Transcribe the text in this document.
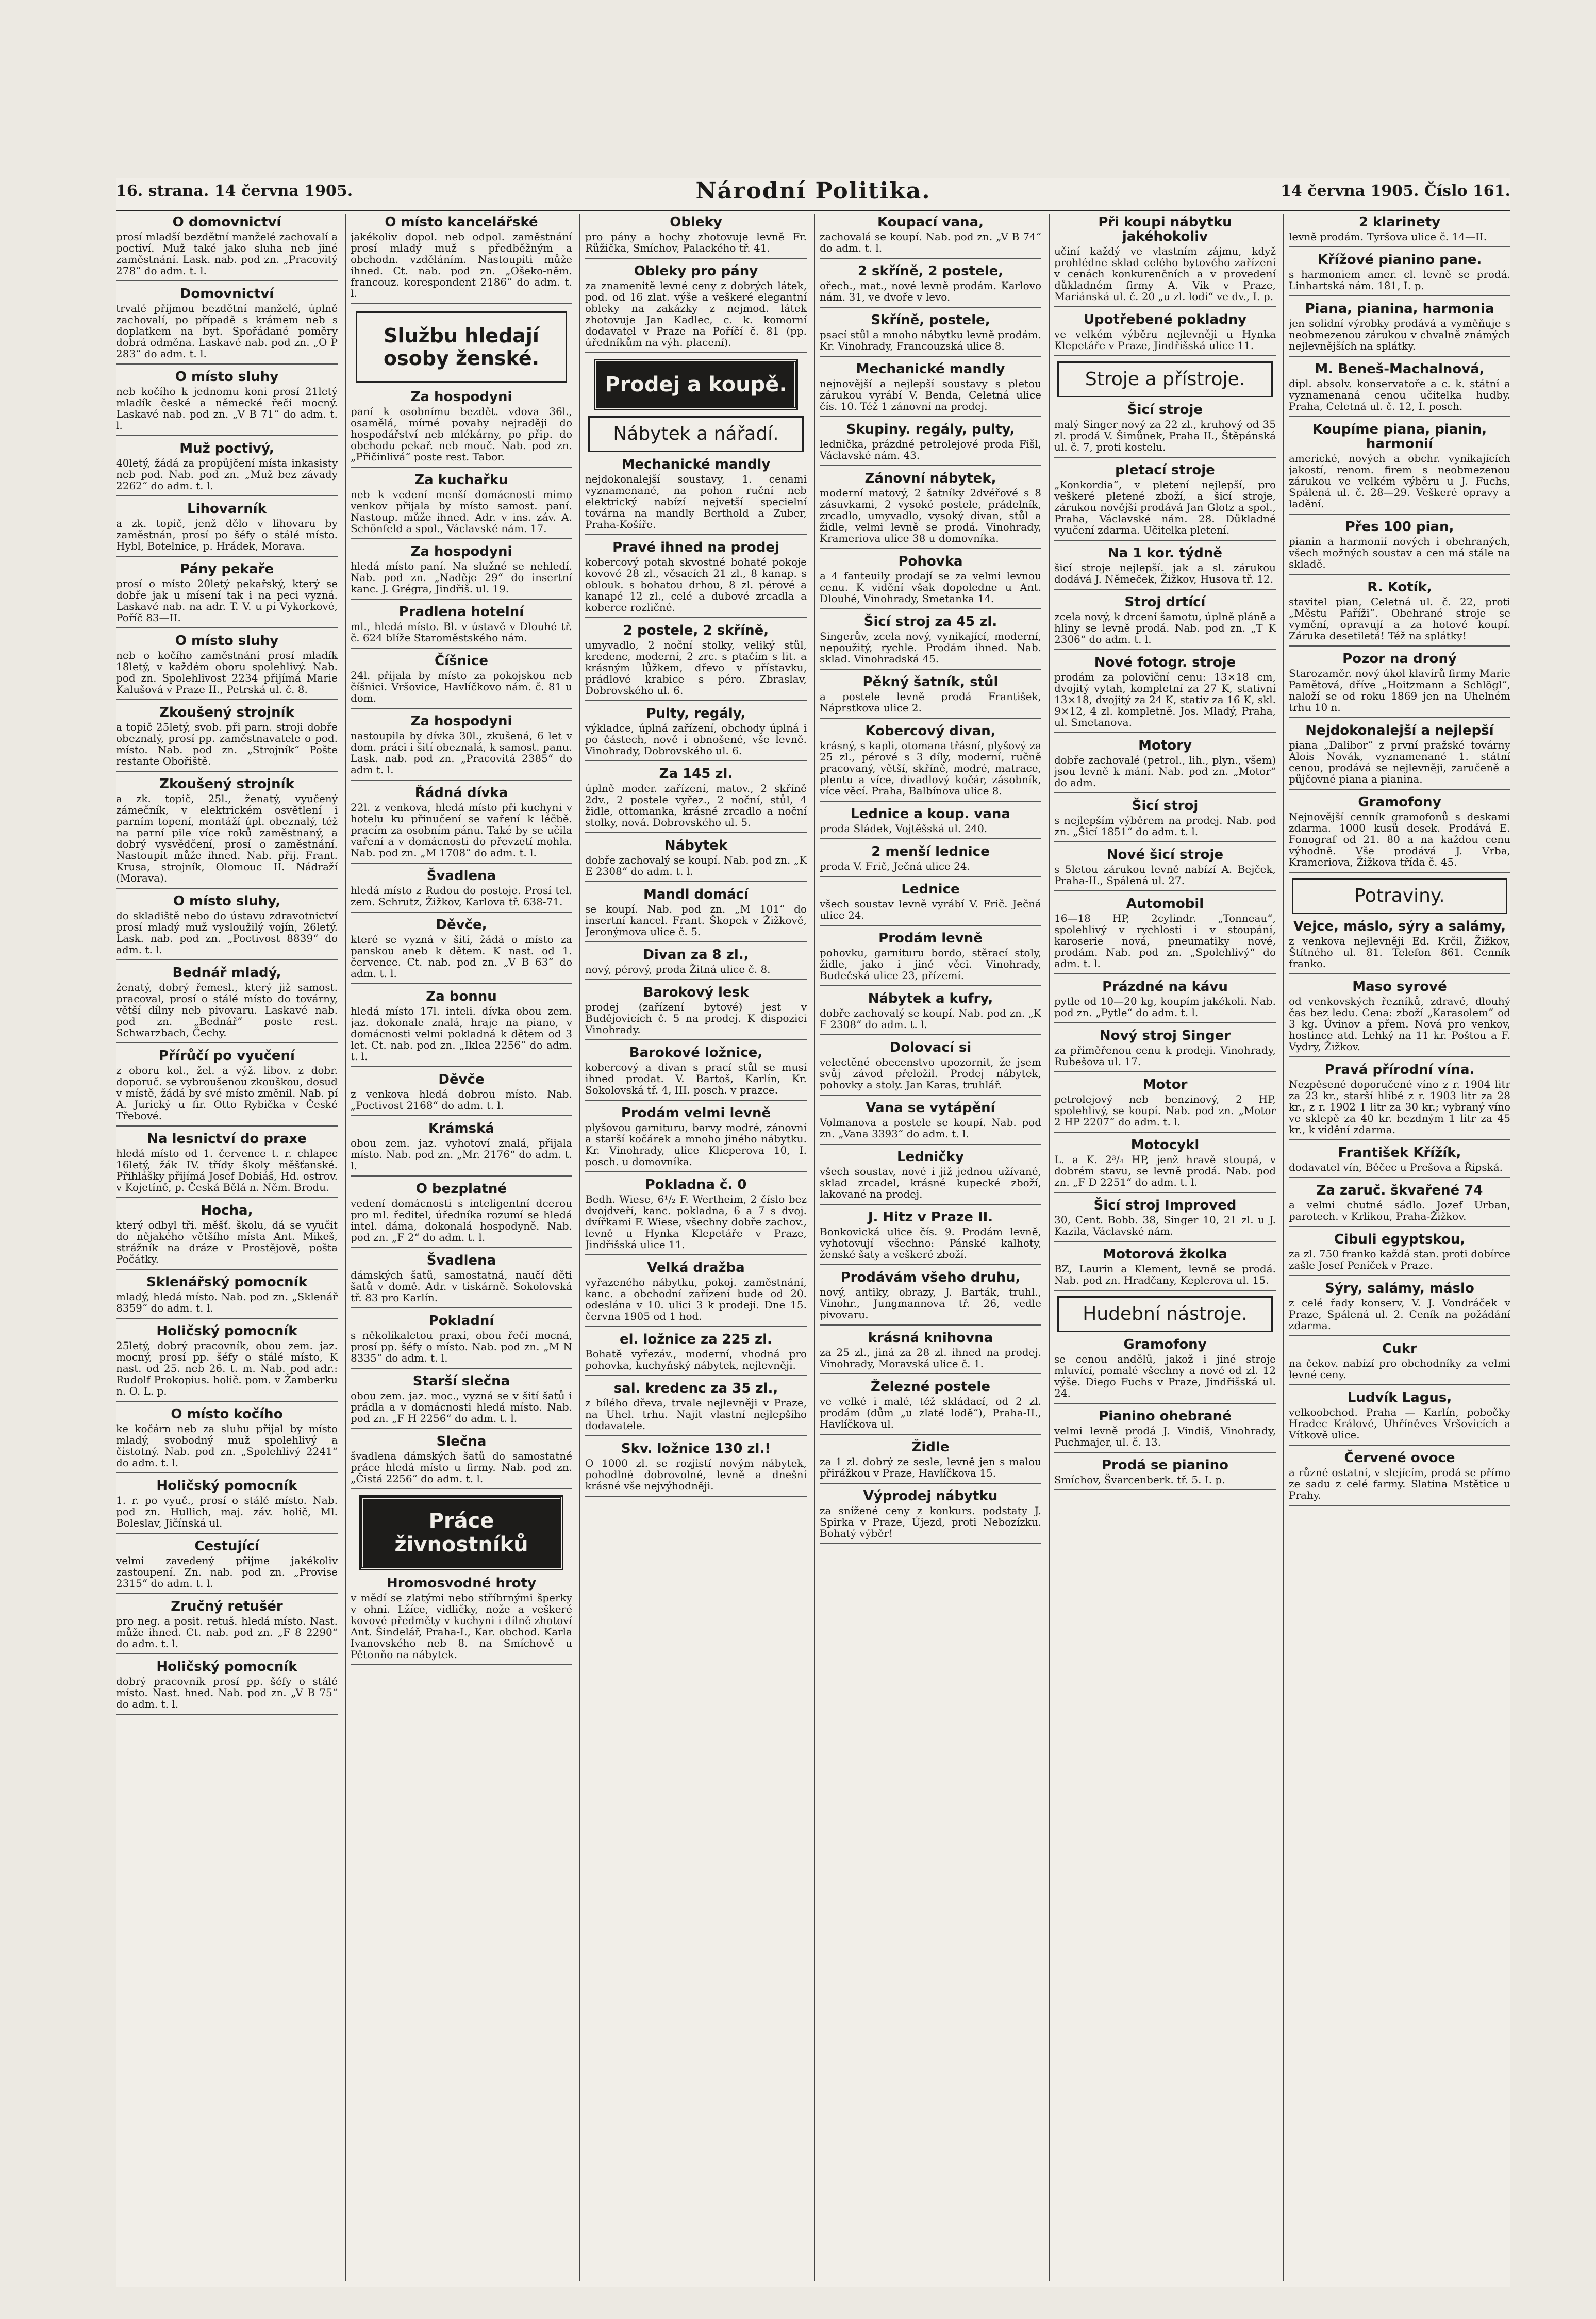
16. strana. 14 června 1905.	Národní Politika.	14 června 1905. Číslo 161.
O domovnictví

prosí mladší bezdětní manželé zachovalí a poctiví. Muž také jako sluha neb jiné zaměstnání. Lask. nab. pod zn. „Pracovitý 278“ do adm. t. l.

Domovnictví

trvalé příjmou bezdětní manželé, úplně zachovalí, po případě s krámem neb s doplatkem na byt. Spořádané poměry dobrá odměna. Laskavé nab. pod zn. „O P 283“ do adm. t. l.

O místo sluhy

neb kočího k jednomu koni prosí 21letý mladík české a německé řeči mocný. Laskavé nab. pod zn. „V B 71“ do adm. t. l.

Muž poctivý,

40letý, žádá za propůjčení místa inkasisty neb pod. Nab. pod zn. „Muž bez závady 2262“ do adm. t. l.

Lihovarník

a zk. topič, jenž dělo v lihovaru by zaměstnán, prosí po šéfy o stálé místo. Hybl, Botelnice, p. Hrádek, Morava.

Pány pekaře

prosí o místo 20letý pekařský, který se dobře jak u mísení tak i na peci vyzná. Laskavé nab. na adr. T. V. u pí Vykorkové, Poříč 83—II.

O místo sluhy

neb o kočího zaměstnání prosí mladík 18letý, v každém oboru spolehlivý. Nab. pod zn. Spolehlivost 2234 přijímá Marie Kalušová v Praze II., Petrská ul. č. 8.

Zkoušený strojník

a topič 25letý, svob. při parn. stroji dobře obeznalý, prosí pp. zaměstnavatele o pod. místo. Nab. pod zn. „Strojník“ Pošte restante Obořiště.

Zkoušený strojník

a zk. topič, 25l., ženatý, vyučený zámečník, v elektrickém osvětlení i parním topení, montáží úpl. obeznalý, též na parní pile více roků zaměstnaný, a dobrý vysvědčení, prosí o zaměstnání. Nastoupit může ihned. Nab. přij. Frant. Krusa, strojník, Olomouc II. Nádraží (Morava).

O místo sluhy,

do skladiště nebo do ústavu zdravotnictví prosí mladý muž vysloužilý vojín, 26letý. Lask. nab. pod zn. „Poctivost 8839“ do adm. t. l.

Bednář mladý,

ženatý, dobrý řemesl., který již samost. pracoval, prosí o stálé místo do továrny, větší dílny neb pivovaru. Laskavé nab. pod zn. „Bednář“ poste rest. Schwarzbach, Čechy.

Přírůčí po vyučení

z oboru kol., žel. a výž. libov. z dobr. doporuč. se vybroušenou zkouškou, dosud v místě, žádá by své místo změnil. Nab. pí A. Jurický u fir. Otto Rybička v České Třebové.

Na lesnictví do praxe

hledá místo od 1. července t. r. chlapec 16letý, žák IV. třídy školy měšťanské. Přihlášky přijímá Josef Dobiáš, Hd. ostrov. v Kojetíně, p. Česká Bělá n. Něm. Brodu.

Hocha,

který odbyl tři. měšť. školu, dá se vyučit do nějakého většího místa Ant. Mikeš, strážník na dráze v Prostějově, pošta Počátky.

Sklenářský pomocník

mladý, hledá místo. Nab. pod zn. „Sklenář 8359“ do adm. t. l.

Holičský pomocník

25letý, dobrý pracovník, obou zem. jaz. mocný, prosí pp. šéfy o stálé místo, K nast. od 25. neb 26. t. m. Nab. pod adr.: Rudolf Prokopius. holič. pom. v Žamberku n. O. L. p.

O místo kočího

ke kočárn neb za sluhu přijal by místo mladý, svobodný muž spolehlivý a čistotný. Nab. pod zn. „Spolehlivý 2241“ do adm. t. l.

Holičský pomocník

1. r. po vyuč., prosí o stálé místo. Nab. pod zn. Hullich, maj. záv. holič, Ml. Boleslav, Jičínská ul.

Cestující

velmi zavedený přijme jakékoliv zastoupení. Zn. nab. pod zn. „Provise 2315“ do adm. t. l.

Zručný retušér

pro neg. a posit. retuš. hledá místo. Nast. může ihned. Ct. nab. pod zn. „F 8 2290“ do adm. t. l.

Holičský pomocník

dobrý pracovník prosí pp. šéfy o stálé místo. Nast. hned. Nab. pod zn. „V B 75“ do adm. t. l.

O místo kancelářské

jakékoliv dopol. neb odpol. zaměstnání prosí mladý muž s předběžným a obchodn. vzděláním. Nastoupiti může ihned. Ct. nab. pod zn. „Ošeko-něm. francouz. korespondent 2186“ do adm. t. l.

Službu hledají osoby ženské.
Za hospodyni

paní k osobnímu bezdět. vdova 36l., osamělá, mírné povahy nejraději do hospodářství neb mlékárny, po přip. do obchodu pekař. neb mouč. Nab. pod zn. „Přičinlivá“ poste rest. Tabor.

Za kuchařku

neb k vedení menší domácnosti mimo venkov přijala by místo samost. paní. Nastoup. může ihned. Adr. v ins. záv. A. Schönfeld a spol., Václavské nám. 17.

Za hospodyni

hledá místo paní. Na služné se nehledí. Nab. pod zn. „Naděje 29“ do insertní kanc. J. Grégra, Jindřiš. ul. 19.

Pradlena hotelní

ml., hledá místo. Bl. v ústavě v Dlouhé tř. č. 624 blíže Staroměstského nám.

Číšnice

24l. přijala by místo za pokojskou neb číšnici. Vršovice, Havlíčkovo nám. č. 81 u dom.

Za hospodyni

nastoupila by dívka 30l., zkušená, 6 let v dom. práci i šití obeznalá, k samost. panu. Lask. nab. pod zn. „Pracovitá 2385“ do adm t. l.

Řádná dívka

22l. z venkova, hledá místo při kuchyni v hotelu ku přinučení se vaření k léčbě. pracím za osobním pánu. Také by se učila vaření a v domácnosti do převzetí mohla. Nab. pod zn. „M 1708“ do adm. t. l.

Švadlena

hledá místo z Rudou do postoje. Prosí tel. zem. Schrutz, Žižkov, Karlova tř. 638-71.

Děvče,

které se vyzná v šití, žádá o místo za panskou aneb k dětem. K nast. od 1. července. Ct. nab. pod zn. „V B 63“ do adm. t. l.

Za bonnu

hledá místo 17l. inteli. dívka obou zem. jaz. dokonale znalá, hraje na piano, v domácnosti velmi pokladná k dětem od 3 let. Ct. nab. pod zn. „Iklea 2256“ do adm. t. l.

Děvče

z venkova hledá dobrou místo. Nab. „Poctivost 2168“ do adm. t. l.

Krámská

obou zem. jaz. vyhotoví znalá, přijala místo. Nab. pod zn. „Mr. 2176“ do adm. t. l.

O bezplatné

vedení domácnosti s inteligentní dcerou pro ml. ředitel, úředníka rozumí se hledá intel. dáma, dokonalá hospodyně. Nab. pod zn. „F 2“ do adm. t. l.

Švadlena

dámských šatů, samostatná, naučí děti šatů v domě. Adr. v tiskárně. Sokolovská tř. 83 pro Karlín.

Pokladní

s několikaletou praxí, obou řečí mocná, prosí pp. šéfy o místo. Nab. pod zn. „M N 8335“ do adm. t. l.

Starší slečna

obou zem. jaz. moc., vyzná se v šití šatů i prádla a v domácnosti hledá místo. Nab. pod zn. „F H 2256“ do adm. t. l.

Slečna

švadlena dámských šatů do samostatné práce hledá místo u firmy. Nab. pod zn. „Čistá 2256“ do adm. t. l.

Práce živnostníků
Hromosvodné hroty

v mědí se zlatými nebo stříbrnými šperky v ohni. Lžíce, vidličky, nože a veškeré kovové předměty v kuchyni i dílně zhotoví Ant. Šindelář, Praha-I., Kar. obchod. Karla Ivanovského neb 8. na Smíchově u Pětonňo na nábytek.

Obleky

pro pány a hochy zhotovuje levně Fr. Růžička, Smíchov, Palackého tř. 41.

Obleky pro pány

za znamenitě levné ceny z dobrých látek, pod. od 16 zlat. výše a veškeré elegantní obleky na zakázky z nejmod. látek zhotovuje Jan Kadlec, c. k. komorní dodavatel v Praze na Poříčí č. 81 (pp. úředníkům na výh. placení).

Prodej a koupě.
Nábytek a nářadí.
Mechanické mandly

nejdokonalejší soustavy, 1. cenami vyznamenané, na pohon ruční neb elektrický nabízí nejvetší specielní továrna na mandly Berthold a Zuber, Praha-Košíře.

Pravé ihned na prodej

kobercový potah skvostné bohaté pokoje kovové 28 zl., věsacích 21 zl., 8 kanap. s oblouk. s bohatou drhou, 8 zl. pérové a kanapé 12 zl., celé a dubové zrcadla a koberce rozličné.

2 postele, 2 skříně,

umyvadlo, 2 noční stolky, veliký stůl, kredenc, moderní, 2 zrc. s ptačím s lit. a krásným lůžkem, dřevo v přístavku, prádlové krabice s péro. Zbraslav, Dobrovského ul. 6.

Pulty, regály,

výkladce, úplná zařízení, obchody úplná i po částech, nově i obnošené, vše levně. Vinohrady, Dobrovského ul. 6.

Za 145 zl.

úplně moder. zařízení, matov., 2 skříně 2dv., 2 postele vyřez., 2 noční, stůl, 4 židle, ottomanka, krásné zrcadlo a noční stolky, nová. Dobrovského ul. 5.

Nábytek

dobře zachovalý se koupí. Nab. pod zn. „K E 2308“ do adm. t. l.

Mandl domácí

se koupí. Nab. pod zn. „M 101“ do insertní kancel. Frant. Škopek v Žižkově, Jeronýmova ulice č. 5.

Divan za 8 zl.,

nový, pérový, proda Žitná ulice č. 8.

Barokový lesk

prodej (zařízení bytové) jest v Budějovicích č. 5 na prodej. K dispozici Vinohrady.

Barokové ložnice,

kobercový a divan s prací stůl se musí ihned prodat. V. Bartoš, Karlín, Kr. Sokolovská tř. 4, III. posch. v prazce.

Prodám velmi levně

plyšovou garnituru, barvy modré, zánovní a starší kočárek a mnoho jiného nábytku. Kr. Vinohrady, ulice Klicperova 10, I. posch. u domovníka.

Pokladna č. 0

Bedh. Wiese, 6¹/₂ F. Wertheim, 2 číslo bez dvojdveří, kanc. pokladna, 6 a 7 s dvoj. dvířkami F. Wiese, všechny dobře zachov., levně u Hynka Klepetáře v Praze, Jindřišská ulice 11.

Velká dražba

vyřazeného nábytku, pokoj. zaměstnání, kanc. a obchodní zařízení bude od 20. odeslána v 10. ulici 3 k prodeji. Dne 15. června 1905 od 1 hod.

el. ložnice za 225 zl.

Bohatě vyřezáv., moderní, vhodná pro pohovka, kuchyňský nábytek, nejlevněji.

sal. kredenc za 35 zl.,

z bílého dřeva, trvale nejlevněji v Praze, na Uhel. trhu. Najít vlastní nejlepšího dodavatele.

Skv. ložnice 130 zl.!

O 1000 zl. se rozjistí novým nábytek, pohodlné dobrovolné, levně a dnešní krásné vše nejvýhodněji.

Koupací vana,

zachovalá se koupí. Nab. pod zn. „V B 74“ do adm. t. l.

2 skříně, 2 postele,

ořech., mat., nové levně prodám. Karlovo nám. 31, ve dvoře v levo.

Skříně, postele,

psací stůl a mnoho nábytku levně prodám. Kr. Vinohrady, Francouzská ulice 8.

Mechanické mandly

nejnovější a nejlepší soustavy s pletou zárukou vyrábí V. Benda, Celetná ulice čís. 10. Též 1 zánovní na prodej.

Skupiny. regály, pulty,

lednička, prázdné petrolejové proda Fišl, Václavské nám. 43.

Zánovní nábytek,

moderní matový, 2 šatníky 2dvéřové s 8 zásuvkami, 2 vysoké postele, prádelník, zrcadlo, umyvadlo, vysoký divan, stůl a židle, velmi levně se prodá. Vinohrady, Krameriova ulice 38 u domovníka.

Pohovka

a 4 fanteuily prodají se za velmi levnou cenu. K vidění však dopoledne u Ant. Dlouhé, Vinohrady, Smetanka 14.

Šicí stroj za 45 zl.

Singerův, zcela nový, vynikající, moderní, nepoužitý, rychle. Prodám ihned. Nab. sklad. Vinohradská 45.

Pěkný šatník, stůl

a postele levně prodá František, Náprstkova ulice 2.

Kobercový divan,

krásný, s kapli, otomana třásní, plyšový za 25 zl., pérové s 3 díly, moderní, ručně pracovaný, větší, skříně, modré, matrace, plentu a více, divadlový kočár, zásobník, více věcí. Praha, Balbínova ulice 8.

Lednice a koup. vana

proda Sládek, Vojtěšská ul. 240.

2 menší lednice

proda V. Frič, Ječná ulice 24.

Lednice

všech soustav levně vyrábí V. Frič. Ječná ulice 24.

Prodám levně

pohovku, garnituru bordo, stěrací stoly, židle, jako i jiné věci. Vinohrady, Budečská ulice 23, přízemí.

Nábytek a kufry,

dobře zachovalý se koupí. Nab. pod zn. „K F 2308“ do adm. t. l.

Dolovací si

velectěné obecenstvo upozornit, že jsem svůj závod přeložil. Prodej nábytek, pohovky a stoly. Jan Karas, truhlář.

Vana se vytápění

Volmanova a postele se koupí. Nab. pod zn. „Vana 3393“ do adm. t. l.

Ledničky

všech soustav, nové i již jednou užívané, sklad zrcadel, krásné kupecké zboží, lakované na prodej.

J. Hitz v Praze II.

Bonkovická ulice čís. 9. Prodám levně, vyhotovují všechno: Pánské kalhoty, ženské šaty a veškeré zboží.

Prodávám všeho druhu,

nový, antiky, obrazy, J. Barták, truhl., Vinohr., Jungmannova tř. 26, vedle pivovaru.

krásná knihovna

za 25 zl., jiná za 28 zl. ihned na prodej. Vinohrady, Moravská ulice č. 1.

Železné postele

ve velké i malé, též skládací, od 2 zl. prodám (dům „u zlaté lodě“), Praha-II., Havlíčkova ul.

Židle

za 1 zl. dobrý ze sesle, levně jen s malou přirážkou v Praze, Havlíčkova 15.

Výprodej nábytku

za snížené ceny z konkurs. podstaty J. Spirka v Praze, Újezd, proti Nebozízku. Bohatý výběr!

Při koupi nábytku jakéhokoliv

učiní každý ve vlastním zájmu, když prohlédne sklad celého bytového zařízení v cenách konkurenčních a v provedení důkladném firmy A. Vik v Praze, Mariánská ul. č. 20 „u zl. lodi“ ve dv., I. p.

Upotřebené pokladny

ve velkém výběru nejlevněji u Hynka Klepetáře v Praze, Jindřišská ulice 11.

Stroje a přístroje.
Šicí stroje

malý Singer nový za 22 zl., kruhový od 35 zl. prodá V. Šimůnek, Praha II., Štěpánská ul. č. 7, proti kostelu.

pletací stroje

„Konkordia“, v pletení nejlepší, pro veškeré pletené zboží, a šicí stroje, zárukou novější prodává Jan Glotz a spol., Praha, Václavské nám. 28. Důkladné vyučení zdarma. Učitelka pletení.

Na 1 kor. týdně

šicí stroje nejlepší. jak a sl. zárukou dodává J. Němeček, Žižkov, Husova tř. 12.

Stroj drtící

zcela nový, k drcení šamotu, úplně pláně a hliny se levně prodá. Nab. pod zn. „T K 2306“ do adm. t. l.

Nové fotogr. stroje

prodám za poloviční cenu: 13×18 cm, dvojitý vytah, kompletní za 27 K, stativní 13×18, dvojitý za 24 K, stativ za 16 K, skl. 9×12, 4 zl. kompletně. Jos. Mladý, Praha, ul. Smetanova.

Motory

dobře zachovalé (petrol., lih., plyn., všem) jsou levně k mání. Nab. pod zn. „Motor“ do adm.

Šicí stroj

s nejlepším výběrem na prodej. Nab. pod zn. „Šicí 1851“ do adm. t. l.

Nové šicí stroje

s 5letou zárukou levně nabízí A. Bejček, Praha-II., Spálená ul. 27.

Automobil

16—18 HP, 2cylindr. „Tonneau“, spolehlivý v rychlosti i v stoupání, karoserie nová, pneumatiky nové, prodám. Nab. pod zn. „Spolehlivý“ do adm. t. l.

Prázdné na kávu

pytle od 10—20 kg, koupím jakékoli. Nab. pod zn. „Pytle“ do adm. t. l.

Nový stroj Singer

za přiměřenou cenu k prodeji. Vinohrady, Rubešova ul. 17.

Motor

petrolejový neb benzinový, 2 HP, spolehlivý, se koupí. Nab. pod zn. „Motor 2 HP 2207“ do adm. t. l.

Motocykl

L. a K. 2³/₄ HP, jenž hravě stoupá, v dobrém stavu, se levně prodá. Nab. pod zn. „F D 2251“ do adm. t. l.

Šicí stroj Improved

30, Cent. Bobb. 38, Singer 10, 21 zl. u J. Kazila, Václavské nám.

Motorová žkolka

BZ, Laurin a Klement, levně se prodá. Nab. pod zn. Hradčany, Keplerova ul. 15.

Hudební nástroje.
Gramofony

se cenou andělů, jakož i jiné stroje mluvící, pomalé všechny a nové od zl. 12 výše. Diego Fuchs v Praze, Jindřišská ul. 24.

Pianino ohebrané

velmi levně prodá J. Vindiš, Vinohrady, Puchmajer, ul. č. 13.

Prodá se pianino

Smíchov, Švarcenberk. tř. 5. I. p.

2 klarinety

levně prodám. Tyršova ulice č. 14—II.

Křížové pianino pane.

s harmoniem amer. cl. levně se prodá. Linhartská nám. 181, I. p.

Piana, pianina, harmonia

jen solidní výrobky prodává a vyměňuje s neobmezenou zárukou v chvalně známých nejlevnějších na splátky.

M. Beneš-Machalnová,

dipl. absolv. konservatoře a c. k. státní a vyznamenaná cenou učitelka hudby. Praha, Celetná ul. č. 12, I. posch.

Koupíme piana, pianin, harmonií

americké, nových a obchr. vynikajících jakostí, renom. firem s neobmezenou zárukou ve velkém výběru u J. Fuchs, Spálená ul. č. 28—29. Veškeré opravy a ladění.

Přes 100 pian,

pianin a harmonií nových i obehraných, všech možných soustav a cen má stále na skladě.

R. Kotík,

stavitel pian, Celetná ul. č. 22, proti „Městu Paříži“. Obehrané stroje se vymění, opravují a za hotové koupí. Záruka desetiletá! Též na splátky!

Pozor na droný

Starozaměr. nový úkol klavírů firmy Marie Pamětová, dříve „Hoitzmann a Schlögl“, naloží se od roku 1869 jen na Uhelném trhu 10 n.

Nejdokonalejší a nejlepší

piana „Dalibor“ z první pražské továrny Alois Novák, vyznamenané 1. státní cenou, prodává se nejlevněji, zaručeně a půjčovné piana a pianina.

Gramofony

Nejnovější cenník gramofonů s deskami zdarma. 1000 kusů desek. Prodává E. Fonograf od 21. 80 a na každou cenu výhodně. Vše prodává J. Vrba, Krameriova, Žižkova třída č. 45.

Potraviny.
Vejce, máslo, sýry a salámy,

z venkova nejlevněji Ed. Krčil, Žižkov, Štítného ul. 81. Telefon 861. Cenník franko.

Maso syrové

od venkovských řezníků, zdravé, dlouhý čas bez ledu. Cena: zboží „Karasolem“ od 3 kg. Úvinov a přem. Nová pro venkov, hostince atd. Lehký na 11 kr. Poštou a F. Vydry, Žižkov.

Pravá přírodní vína.

Nezpěsené doporučené víno z r. 1904 litr za 23 kr., starší hlíbé z r. 1903 litr za 28 kr., z r. 1902 1 litr za 30 kr.; vybraný víno ve sklepě za 40 kr. bezdným 1 litr za 45 kr., k vidění zdarma.

František Křížík,

dodavatel vín, Běčec u Prešova a Řipská.

Za zaruč. škvařené 74

a velmi chutné sádlo. Jozef Urban, parotech. v Krlikou, Praha-Žižkov.

Cibuli egyptskou,

za zl. 750 franko každá stan. proti dobírce zašle Josef Peníček v Praze.

Sýry, salámy, máslo

z celé řady konserv, V. J. Vondráček v Praze, Spálená ul. 2. Ceník na požádání zdarma.

Cukr

na čekov. nabízí pro obchodníky za velmi levné ceny.

Ludvík Lagus,

velkoobchod. Praha — Karlín, pobočky Hradec Králové, Uhříněves Vršovicích a Vítkově ulice.

Červené ovoce

a různé ostatní, v slejícím, prodá se přímo ze sadu z celé farmy. Slatina Mstětice u Prahy.
